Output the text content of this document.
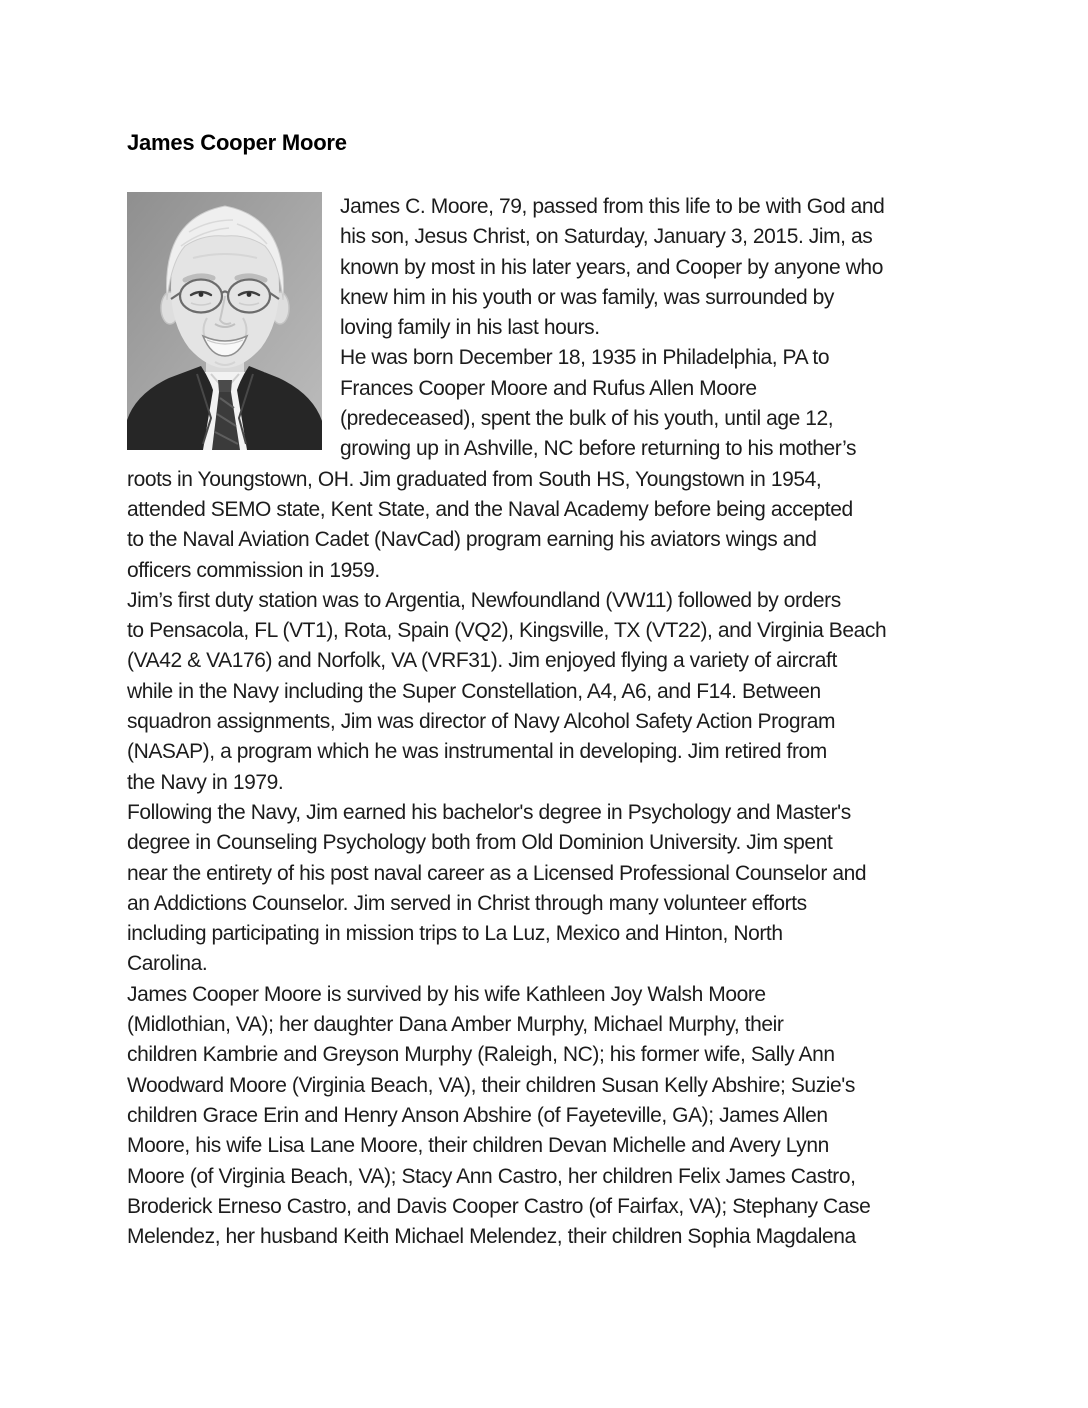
James Cooper Moore
James C. Moore, 79, passed from this life to be with God and
his son, Jesus Christ, on Saturday, January 3, 2015. Jim, as
known by most in his later years, and Cooper by anyone who
knew him in his youth or was family, was surrounded by
loving family in his last hours.
He was born December 18, 1935 in Philadelphia, PA to
Frances Cooper Moore and Rufus Allen Moore
(predeceased), spent the bulk of his youth, until age 12,
growing up in Ashville, NC before returning to his mother’s
roots in Youngstown, OH. Jim graduated from South HS, Youngstown in 1954,
attended SEMO state, Kent State, and the Naval Academy before being accepted
to the Naval Aviation Cadet (NavCad) program earning his aviators wings and
officers commission in 1959.
Jim’s first duty station was to Argentia, Newfoundland (VW11) followed by orders
to Pensacola, FL (VT1), Rota, Spain (VQ2), Kingsville, TX (VT22), and Virginia Beach
(VA42 & VA176) and Norfolk, VA (VRF31). Jim enjoyed flying a variety of aircraft
while in the Navy including the Super Constellation, A4, A6, and F14. Between
squadron assignments, Jim was director of Navy Alcohol Safety Action Program
(NASAP), a program which he was instrumental in developing. Jim retired from
the Navy in 1979.
Following the Navy, Jim earned his bachelor's degree in Psychology and Master's
degree in Counseling Psychology both from Old Dominion University. Jim spent
near the entirety of his post naval career as a Licensed Professional Counselor and
an Addictions Counselor. Jim served in Christ through many volunteer efforts
including participating in mission trips to La Luz, Mexico and Hinton, North
Carolina.
James Cooper Moore is survived by his wife Kathleen Joy Walsh Moore
(Midlothian, VA); her daughter Dana Amber Murphy, Michael Murphy, their
children Kambrie and Greyson Murphy (Raleigh, NC); his former wife, Sally Ann
Woodward Moore (Virginia Beach, VA), their children Susan Kelly Abshire; Suzie's
children Grace Erin and Henry Anson Abshire (of Fayeteville, GA); James Allen
Moore, his wife Lisa Lane Moore, their children Devan Michelle and Avery Lynn
Moore (of Virginia Beach, VA); Stacy Ann Castro, her children Felix James Castro,
Broderick Erneso Castro, and Davis Cooper Castro (of Fairfax, VA); Stephany Case
Melendez, her husband Keith Michael Melendez, their children Sophia Magdalena
